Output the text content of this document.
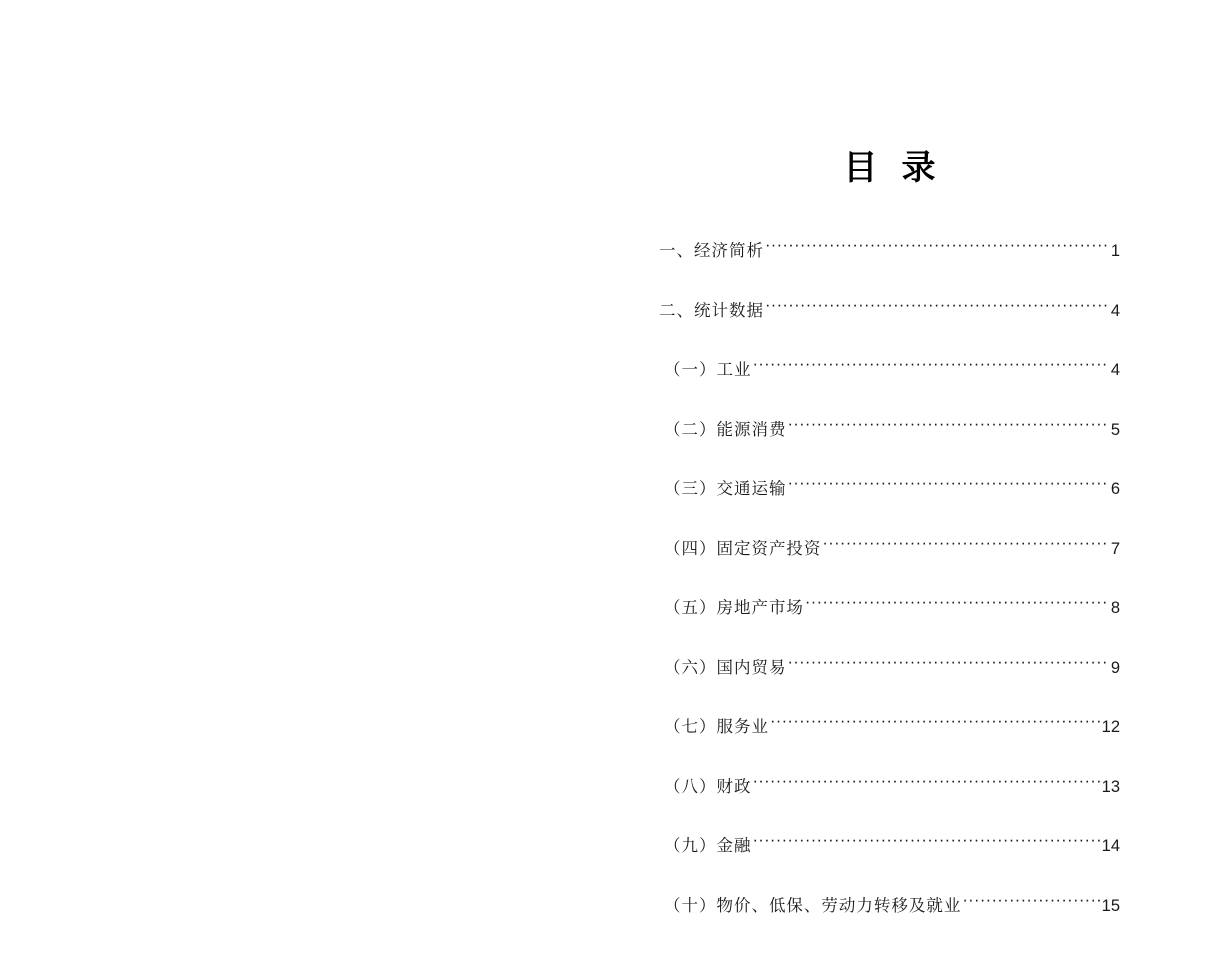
目 录
一、经济简析 ·····	1
二、统计数据 ·····	4
（一）工业 ·····	4
（二）能源消费 ·····	5
（三）交通运输 ·····	6
（四）固定资产投资 ·····	7
（五）房地产市场 ·····	8
（六）国内贸易 ·····	9
（七）服务业 ·····	12
（八）财政 ·····	13
（九）金融 ·····	14
（十）物价、低保、劳动力转移及就业 ·····	15
